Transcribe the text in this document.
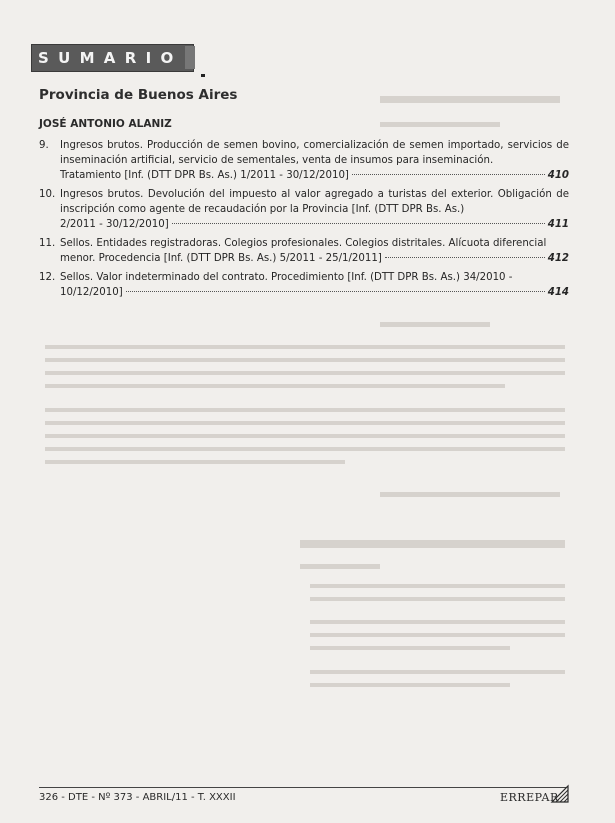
SUMARIO
Provincia de Buenos Aires
JOSÉ ANTONIO ALANIZ
9. Ingresos brutos. Producción de semen bovino, comercialización de semen importado, servicios de inseminación artificial, servicio de sementales, venta de insumos para inseminación.
Tratamiento [Inf. (DTT DPR Bs. As.) 1/2011 - 30/12/2010]	410
10. Ingresos brutos. Devolución del impuesto al valor agregado a turistas del exterior. Obligación de inscripción como agente de recaudación por la Provincia [Inf. (DTT DPR Bs. As.)
2/2011 - 30/12/2010]	411
11. Sellos. Entidades registradoras. Colegios profesionales. Colegios distritales. Alícuota diferencial
menor. Procedencia [Inf. (DTT DPR Bs. As.) 5/2011 - 25/1/2011]	412
12. Sellos. Valor indeterminado del contrato. Procedimiento [Inf. (DTT DPR Bs. As.) 34/2010 -
10/12/2010]	414
326 - DTE - Nº 373 - ABRIL/11 - T. XXXII	ERREPAR
